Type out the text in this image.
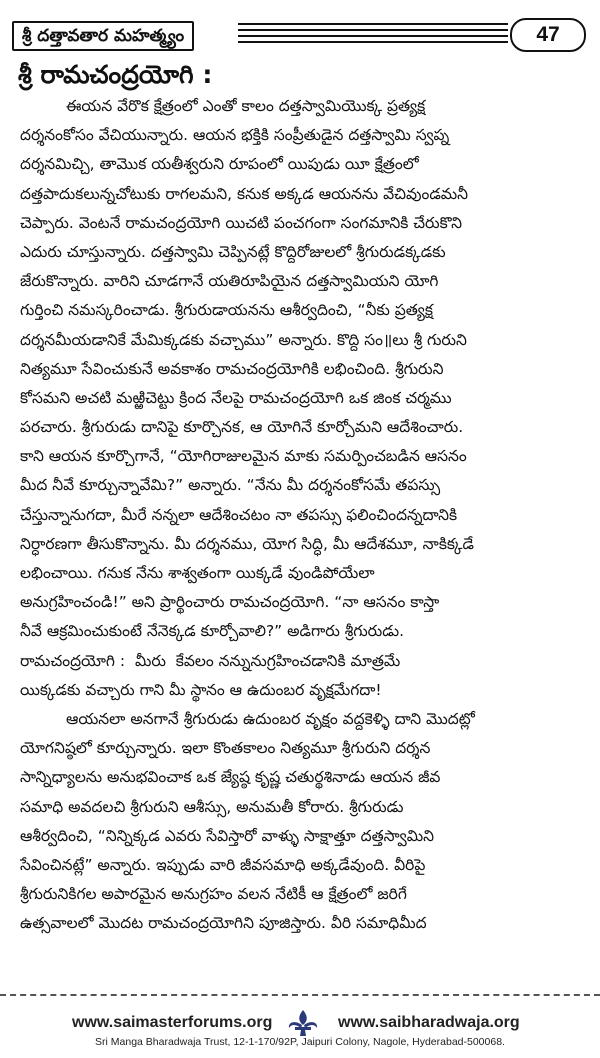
శ్రీ దత్తావతార మహత్మ్యం	47
శ్రీ రామచంద్రయోగి :
ఈయన వేరొక క్షేత్రంలో ఎంతో కాలం దత్తస్వామియొక్క ప్రత్యక్ష
దర్శనంకోసం వేచియున్నారు. ఆయన భక్తికి సంప్రీతుడైన దత్తస్వామి స్వప్న
దర్శనమిచ్చి, తామొక యతీశ్వరుని రూపంలో యిపుడు యీ క్షేత్రంలో
దత్తపాదుకలున్నచోటుకు రాగలమని, కనుక అక్కడ ఆయనను వేచివుండమనీ
చెప్పారు. వెంటనే రామచంద్రయోగి యిచటి పంచగంగా సంగమానికి చేరుకొని
ఎదురు చూస్తున్నారు. దత్తస్వామి చెప్పినట్లే కొద్దిరోజులలో శ్రీగురుడక్కడకు
జేరుకొన్నారు. వారిని చూడగానే యతిరూపియైన దత్తస్వామియని యోగి
గుర్తించి నమస్కరించాడు. శ్రీగురుడాయనను ఆశీర్వదించి, “నీకు ప్రత్యక్ష
దర్శనమీయడానికే మేమిక్కడకు వచ్చాము” అన్నారు. కొద్ది సం॥లు శ్రీ గురుని
నిత్యమూ సేవించుకునే అవకాశం రామచంద్రయోగికి లభించింది. శ్రీగురుని
కోసమని అచటి మఱ్ఱిచెట్టు క్రింద నేలపై రామచంద్రయోగి ఒక జింక చర్మము
పరచారు. శ్రీగురుడు దానిపై కూర్చొనక, ఆ యోగినే కూర్చోమని ఆదేశించారు.
కాని ఆయన కూర్చొగానే, “యోగిరాజులమైన మాకు సమర్పించబడిన ఆసనం
మీద నీవే కూర్చున్నావేమి?” అన్నారు. “నేను మీ దర్శనంకోసమే తపస్సు
చేస్తున్నానుగదా, మీరే నన్నలా ఆదేశించటం నా తపస్సు ఫలించిందన్నదానికి
నిర్ధారణగా తీసుకొన్నాను. మీ దర్శనము, యోగ సిద్ధి, మీ ఆదేశమూ, నాకిక్కడే
లభించాయి. గనుక నేను శాశ్వతంగా యిక్కడే వుండిపోయేలా
అనుగ్రహించండి!” అని ప్రార్థించారు రామచంద్రయోగి. “నా ఆసనం కాస్తా
నీవే ఆక్రమించుకుంటే నేనెక్కడ కూర్చోవాలి?” అడిగారు శ్రీగురుడు.
రామచంద్రయోగి :  మీరు  కేవలం నన్నునుగ్రహించడానికి మాత్రమే
యిక్కడకు వచ్చారు గాని మీ స్థానం ఆ ఉదుంబర వృక్షమేగదా!
ఆయనలా అనగానే శ్రీగురుడు ఉదుంబర వృక్షం వద్దకెళ్ళి దాని మొదట్లో
యోగనిష్ఠలో కూర్చున్నారు. ఇలా కొంతకాలం నిత్యమూ శ్రీగురుని దర్శన
సాన్నిధ్యాలను అనుభవించాక ఒక జ్యేష్ఠ కృష్ణ చతుర్థశినాడు ఆయన జీవ
సమాధి అవదలచి శ్రీగురుని ఆశీస్సు, అనుమతీ కోరారు. శ్రీగురుడు
ఆశీర్వదించి, “నిన్నిక్కడ ఎవరు సేవిస్తారో వాళ్ళు సాక్షాత్తూ దత్తస్వామిని
సేవించినట్లే” అన్నారు. ఇప్పుడు వారి జీవసమాధి అక్కడేవుంది. వీరిపై
శ్రీగురునికిగల అపారమైన అనుగ్రహం వలన నేటికీ ఆ క్షేత్రంలో జరిగే
ఉత్సవాలలో మొదట రామచంద్రయోగిని పూజిస్తారు. వీరి సమాధిమీద
www.saimasterforums.org	www.saibharadwaja.org
Sri Manga Bharadwaja Trust, 12-1-170/92P, Jaipuri Colony, Nagole, Hyderabad-500068.
